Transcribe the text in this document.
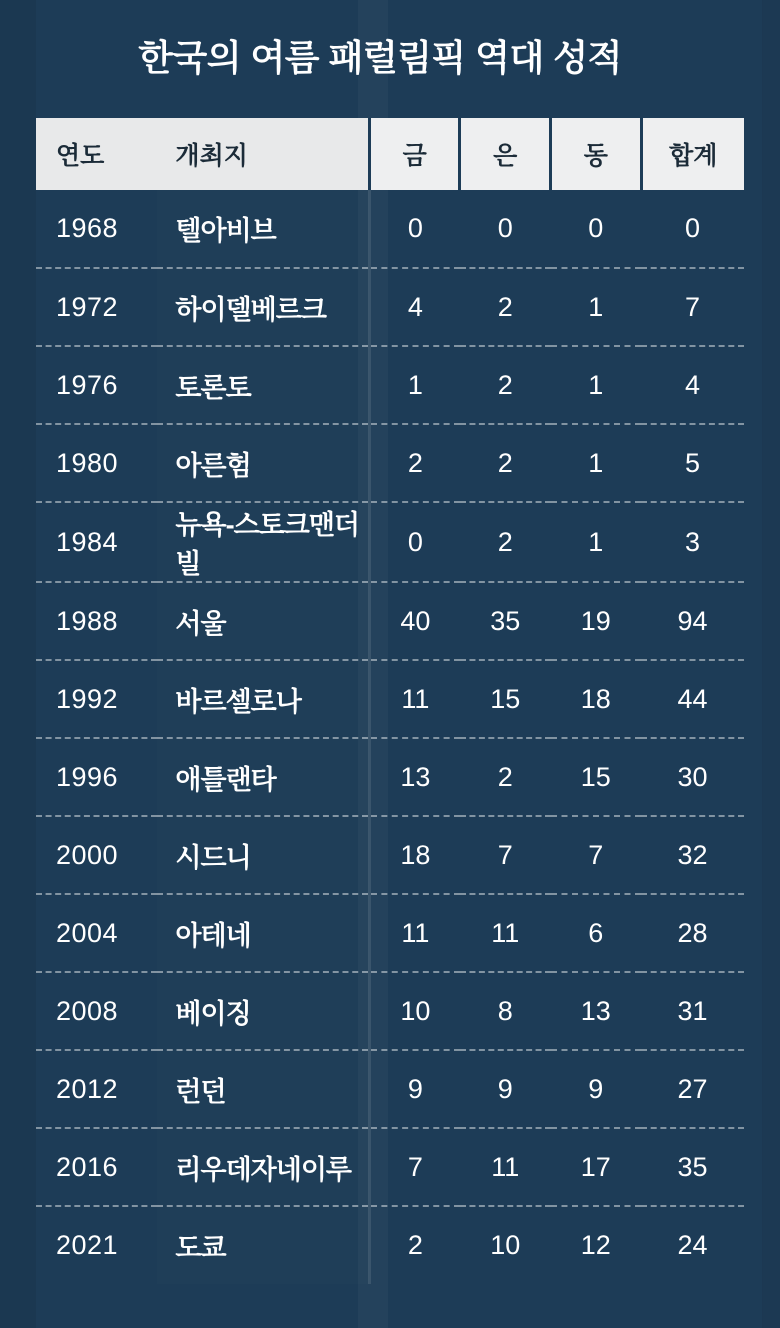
한국의 여름 패럴림픽 역대 성적
연도	개최지	금	은	동	합계
1968	텔아비브	0	0	0	0
1972	하이델베르크	4	2	1	7
1976	토론토	1	2	1	4
1980	아른험	2	2	1	5
1984	뉴욕-스토크맨더빌	0	2	1	3
1988	서울	40	35	19	94
1992	바르셀로나	11	15	18	44
1996	애틀랜타	13	2	15	30
2000	시드니	18	7	7	32
2004	아테네	11	11	6	28
2008	베이징	10	8	13	31
2012	런던	9	9	9	27
2016	리우데자네이루	7	11	17	35
2021	도쿄	2	10	12	24
